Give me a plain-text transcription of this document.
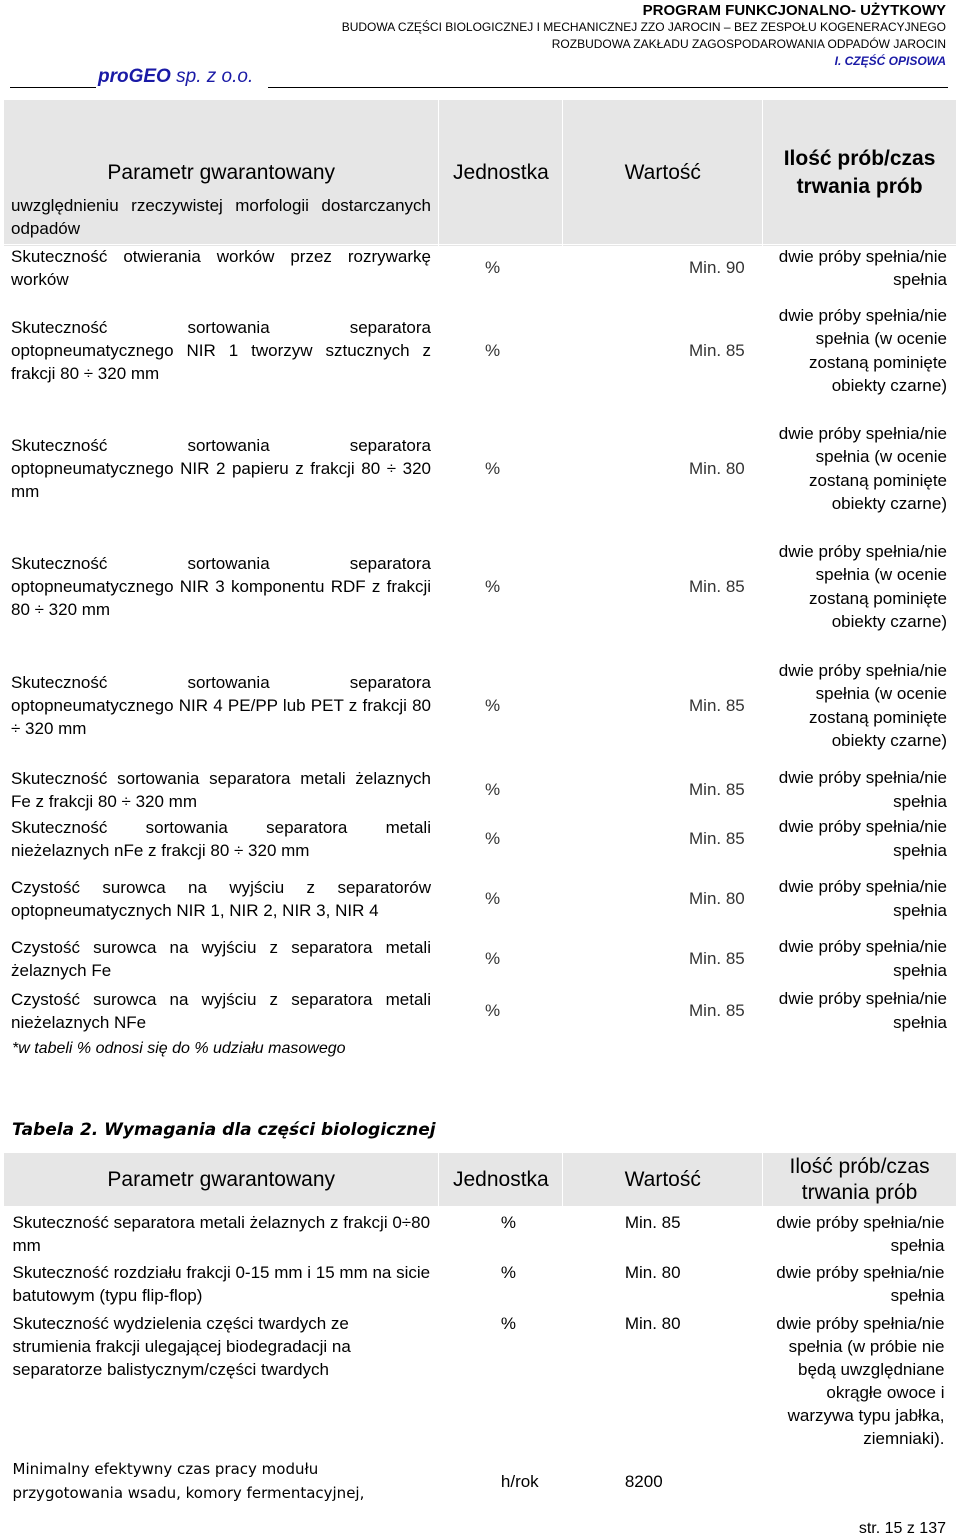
PROGRAM FUNKCJONALNO- UŻYTKOWY
BUDOWA CZĘŚCI BIOLOGICZNEJ I MECHANICZNEJ ZZO JAROCIN – BEZ ZESPOŁU KOGENERACYJNEGO
ROZBUDOWA ZAKŁADU ZAGOSPODAROWANIA ODPADÓW JAROCIN
I. CZĘŚĆ OPISOWA
proGEO sp. z o.o.
Parametr gwarantowany	Jednostka	Wartość	Ilość prób/czas trwania prób
uwzględnieniu rzeczywistej morfologii dostarczanych odpadów			
Skuteczność otwierania worków przez rozrywarkę worków	%	Min. 90	dwie próby spełnia/nie spełnia
Skuteczność sortowania separatora optopneumatycznego NIR 1 tworzyw sztucznych z frakcji 80 ÷ 320 mm	%	Min. 85	dwie próby spełnia/nie spełnia (w ocenie zostaną pominięte obiekty czarne)
Skuteczność sortowania separatora optopneumatycznego NIR 2 papieru z frakcji 80 ÷ 320 mm	%	Min. 80	dwie próby spełnia/nie spełnia (w ocenie zostaną pominięte obiekty czarne)
Skuteczność sortowania separatora optopneumatycznego NIR 3 komponentu RDF z frakcji 80 ÷ 320 mm	%	Min. 85	dwie próby spełnia/nie spełnia (w ocenie zostaną pominięte obiekty czarne)
Skuteczność sortowania separatora optopneumatycznego NIR 4 PE/PP lub PET z frakcji 80 ÷ 320 mm	%	Min. 85	dwie próby spełnia/nie spełnia (w ocenie zostaną pominięte obiekty czarne)
Skuteczność sortowania separatora metali żelaznych Fe z frakcji 80 ÷ 320 mm	%	Min. 85	dwie próby spełnia/nie spełnia
Skuteczność sortowania separatora metali nieżelaznych nFe z frakcji 80 ÷ 320 mm	%	Min. 85	dwie próby spełnia/nie spełnia
Czystość surowca na wyjściu z separatorów optopneumatycznych NIR 1, NIR 2, NIR 3, NIR 4	%	Min. 80	dwie próby spełnia/nie spełnia
Czystość surowca na wyjściu z separatora metali żelaznych Fe	%	Min. 85	dwie próby spełnia/nie spełnia
Czystość surowca na wyjściu z separatora metali nieżelaznych NFe	%	Min. 85	dwie próby spełnia/nie spełnia
*w tabeli % odnosi się do % udziału masowego
Tabela 2. Wymagania dla części biologicznej
Parametr gwarantowany	Jednostka	Wartość	Ilość prób/czas trwania prób
Skuteczność separatora metali żelaznych z frakcji 0÷80 mm	%	Min. 85	dwie próby spełnia/nie spełnia
Skuteczność rozdziału frakcji 0-15 mm i 15 mm na sicie batutowym (typu flip-flop)	%	Min. 80	dwie próby spełnia/nie spełnia
Skuteczność wydzielenia części twardych ze strumienia frakcji ulegającej biodegradacji na separatorze balistycznym/części twardych	%	Min. 80	dwie próby spełnia/nie spełnia (w próbie nie będą uwzględniane okrągłe owoce i warzywa typu jabłka, ziemniaki).
Minimalny efektywny czas pracy modułu przygotowania wsadu, komory fermentacyjnej,	h/rok	8200	
str. 15 z 137
